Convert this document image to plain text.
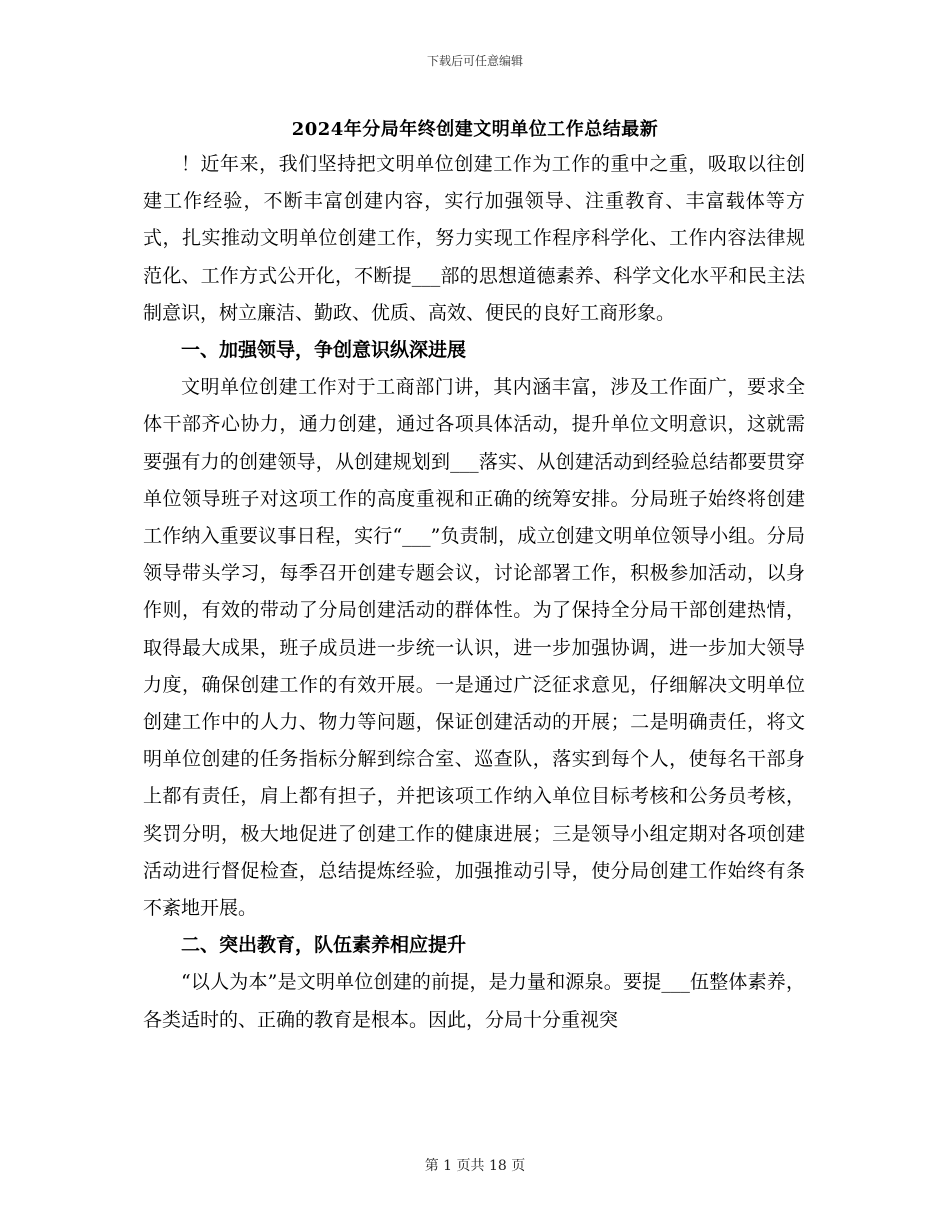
下载后可任意编辑
2024年分局年终创建文明单位工作总结最新

！近年来，我们坚持把文明单位创建工作为工作的重中之重，吸取以往创建工作经验，不断丰富创建内容，实行加强领导、注重教育、丰富载体等方式，扎实推动文明单位创建工作，努力实现工作程序科学化、工作内容法律规范化、工作方式公开化，不断提___部的思想道德素养、科学文化水平和民主法制意识，树立廉洁、勤政、优质、高效、便民的良好工商形象。

一、加强领导，争创意识纵深进展

文明单位创建工作对于工商部门讲，其内涵丰富，涉及工作面广，要求全体干部齐心协力，通力创建，通过各项具体活动，提升单位文明意识，这就需要强有力的创建领导，从创建规划到___落实、从创建活动到经验总结都要贯穿单位领导班子对这项工作的高度重视和正确的统筹安排。分局班子始终将创建工作纳入重要议事日程，实行“___”负责制，成立创建文明单位领导小组。分局领导带头学习，每季召开创建专题会议，讨论部署工作，积极参加活动，以身作则，有效的带动了分局创建活动的群体性。为了保持全分局干部创建热情，取得最大成果，班子成员进一步统一认识，进一步加强协调，进一步加大领导力度，确保创建工作的有效开展。一是通过广泛征求意见，仔细解决文明单位创建工作中的人力、物力等问题，保证创建活动的开展；二是明确责任，将文明单位创建的任务指标分解到综合室、巡查队，落实到每个人，使每名干部身上都有责任，肩上都有担子，并把该项工作纳入单位目标考核和公务员考核，奖罚分明，极大地促进了创建工作的健康进展；三是领导小组定期对各项创建活动进行督促检查，总结提炼经验，加强推动引导，使分局创建工作始终有条不紊地开展。

二、突出教育，队伍素养相应提升

“以人为本”是文明单位创建的前提，是力量和源泉。要提___伍整体素养，各类适时的、正确的教育是根本。因此，分局十分重视突

第 1 页共 18 页
